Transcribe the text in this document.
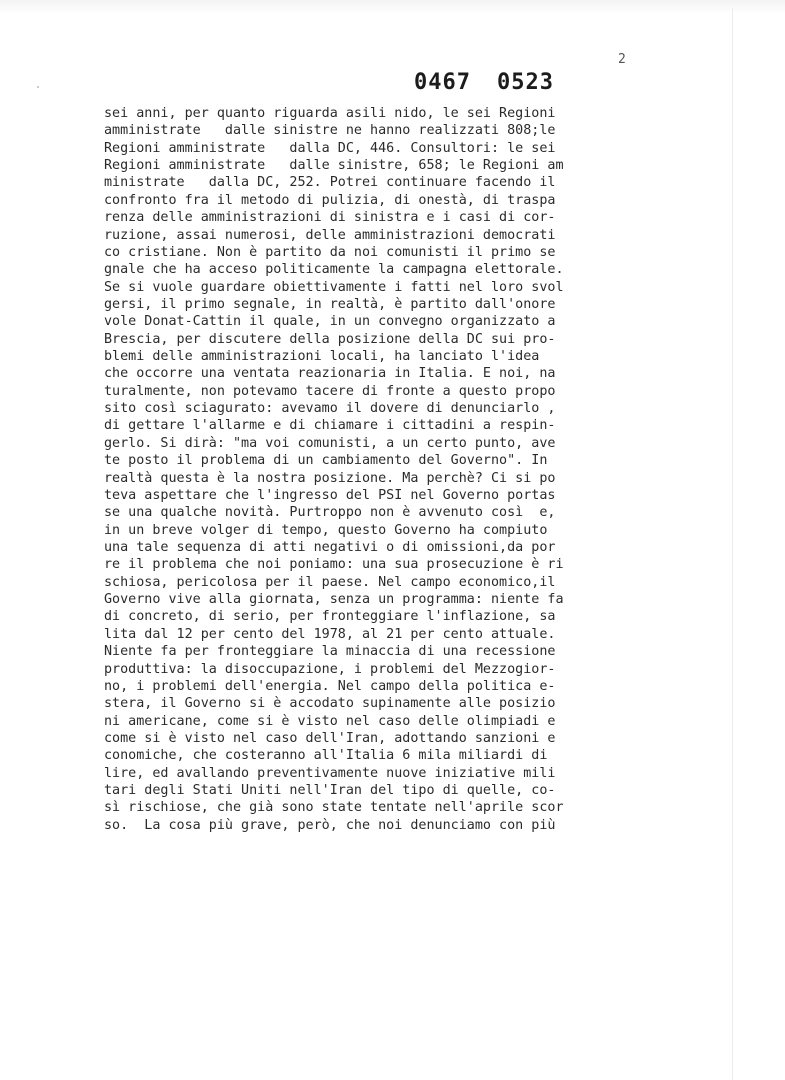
2
0467 0523
sei anni, per quanto riguarda asili nido, le sei Regioni
amministrate   dalle sinistre ne hanno realizzati 808;le
Regioni amministrate   dalla DC, 446. Consultori: le sei
Regioni amministrate   dalle sinistre, 658; le Regioni am
ministrate   dalla DC, 252. Potrei continuare facendo il
confronto fra il metodo di pulizia, di onestà, di traspa
renza delle amministrazioni di sinistra e i casi di cor-
ruzione, assai numerosi, delle amministrazioni democrati
co cristiane. Non è partito da noi comunisti il primo se
gnale che ha acceso politicamente la campagna elettorale.
Se si vuole guardare obiettivamente i fatti nel loro svol
gersi, il primo segnale, in realtà, è partito dall'onore
vole Donat-Cattin il quale, in un convegno organizzato a
Brescia, per discutere della posizione della DC sui pro-
blemi delle amministrazioni locali, ha lanciato l'idea
che occorre una ventata reazionaria in Italia. E noi, na
turalmente, non potevamo tacere di fronte a questo propo
sito così sciagurato: avevamo il dovere di denunciarlo ,
di gettare l'allarme e di chiamare i cittadini a respin-
gerlo. Si dirà: "ma voi comunisti, a un certo punto, ave
te posto il problema di un cambiamento del Governo". In
realtà questa è la nostra posizione. Ma perchè? Ci si po
teva aspettare che l'ingresso del PSI nel Governo portas
se una qualche novità. Purtroppo non è avvenuto così  e,
in un breve volger di tempo, questo Governo ha compiuto
una tale sequenza di atti negativi o di omissioni,da por
re il problema che noi poniamo: una sua prosecuzione è ri
schiosa, pericolosa per il paese. Nel campo economico,il
Governo vive alla giornata, senza un programma: niente fa
di concreto, di serio, per fronteggiare l'inflazione, sa
lita dal 12 per cento del 1978, al 21 per cento attuale.
Niente fa per fronteggiare la minaccia di una recessione
produttiva: la disoccupazione, i problemi del Mezzogior-
no, i problemi dell'energia. Nel campo della politica e-
stera, il Governo si è accodato supinamente alle posizio
ni americane, come si è visto nel caso delle olimpiadi e
come si è visto nel caso dell'Iran, adottando sanzioni e
conomiche, che costeranno all'Italia 6 mila miliardi di
lire, ed avallando preventivamente nuove iniziative mili
tari degli Stati Uniti nell'Iran del tipo di quelle, co-
sì rischiose, che già sono state tentate nell'aprile scor
so.  La cosa più grave, però, che noi denunciamo con più
